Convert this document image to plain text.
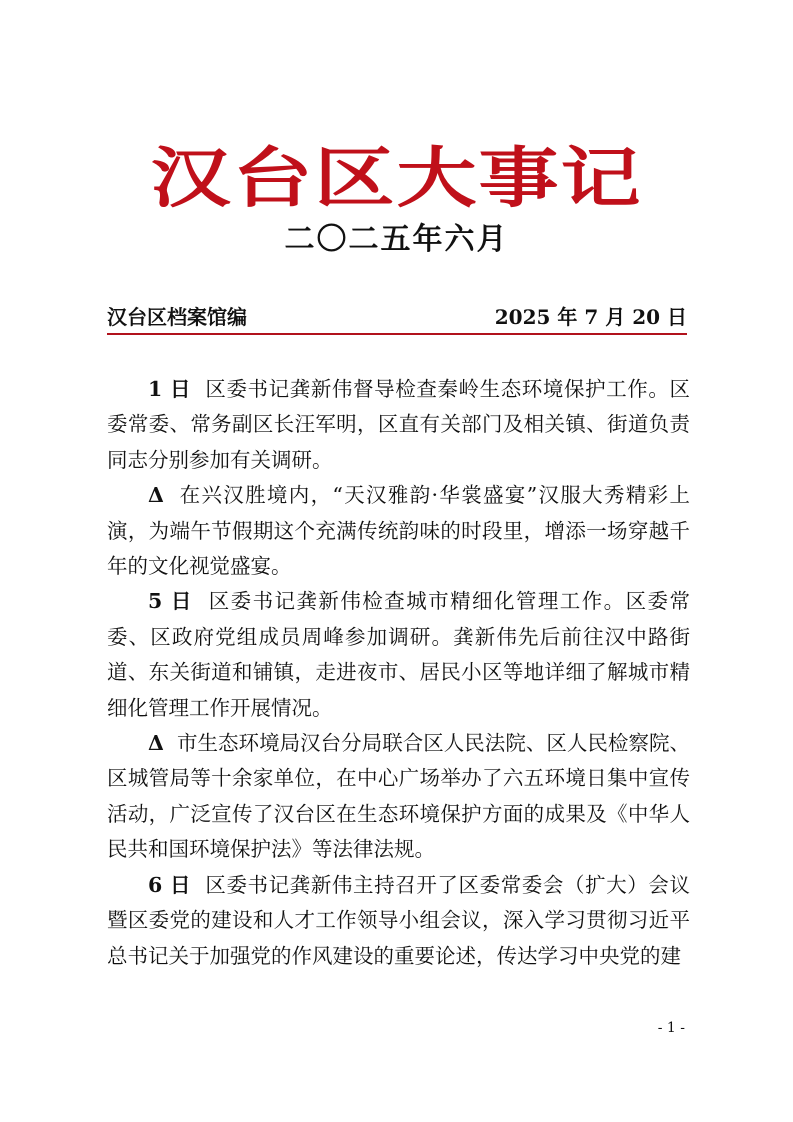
汉台区大事记
二〇二五年六月
汉台区档案馆编	2025 年 7 月 20 日

1 日 区委书记龚新伟督导检查秦岭生态环境保护工作。区委常委、常务副区长汪军明，区直有关部门及相关镇、街道负责同志分别参加有关调研。

Δ 在兴汉胜境内，“天汉雅韵·华裳盛宴”汉服大秀精彩上演，为端午节假期这个充满传统韵味的时段里，增添一场穿越千年的文化视觉盛宴。

5 日 区委书记龚新伟检查城市精细化管理工作。区委常委、区政府党组成员周峰参加调研。龚新伟先后前往汉中路街道、东关街道和铺镇，走进夜市、居民小区等地详细了解城市精细化管理工作开展情况。

Δ 市生态环境局汉台分局联合区人民法院、区人民检察院、区城管局等十余家单位，在中心广场举办了六五环境日集中宣传活动，广泛宣传了汉台区在生态环境保护方面的成果及《中华人民共和国环境保护法》等法律法规。

6 日 区委书记龚新伟主持召开了区委常委会（扩大）会议暨区委党的建设和人才工作领导小组会议，深入学习贯彻习近平总书记关于加强党的作风建设的重要论述，传达学习中央党的建

- 1 -
